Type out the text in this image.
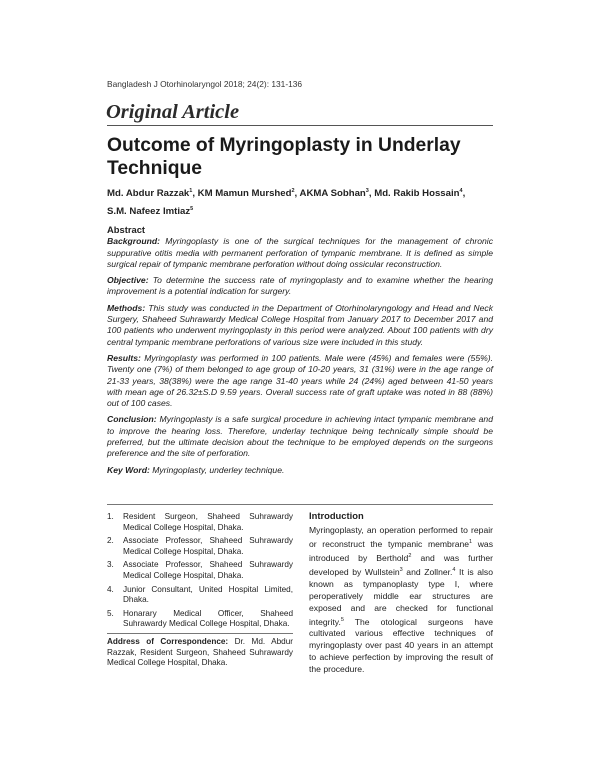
Bangladesh J Otorhinolaryngol 2018; 24(2): 131-136
Original Article
Outcome of Myringoplasty in Underlay Technique
Md. Abdur Razzak$^1$, KM Mamun Murshed$^2$, AKMA Sobhan$^3$, Md. Rakib Hossain$^4$,
S.M. Nafeez Imtiaz$^5$
Abstract

Background: Myringoplasty is one of the surgical techniques for the management of chronic suppurative otitis media with permanent perforation of tympanic membrane. It is defined as simple surgical repair of tympanic membrane perforation without doing ossicular reconstruction.

Objective: To determine the success rate of myringoplasty and to examine whether the hearing improvement is a potential indication for surgery.

Methods: This study was conducted in the Department of Otorhinolaryngology and Head and Neck Surgery, Shaheed Suhrawardy Medical College Hospital from January 2017 to December 2017 and 100 patients who underwent myringoplasty in this period were analyzed. About 100 patients with dry central tympanic membrane perforations of various size were included in this study.

Results: Myringoplasty was performed in 100 patients. Male were (45%) and females were (55%). Twenty one (7%) of them belonged to age group of 10-20 years, 31 (31%) were in the age range of 21-33 years, 38(38%) were the age range 31-40 years while 24 (24%) aged between 41-50 years with mean age of 26.32±S.D 9.59 years. Overall success rate of graft uptake was noted in 88 (88%) out of 100 cases.

Conclusion: Myringoplasty is a safe surgical procedure in achieving intact tympanic membrane and to improve the hearing loss. Therefore, underlay technique being technically simple should be preferred, but the ultimate decision about the technique to be employed depends on the surgeons preference and the site of perforation.

Key Word: Myringoplasty, underley technique.

1.	Resident Surgeon, Shaheed Suhrawardy Medical College Hospital, Dhaka.
2.	Associate Professor, Shaheed Suhrawardy Medical College Hospital, Dhaka.
3.	Associate Professor, Shaheed Suhrawardy Medical College Hospital, Dhaka.
4.	Junior Consultant, United Hospital Limited, Dhaka.
5.	Honarary Medical Officer, Shaheed Suhrawardy Medical College Hospital, Dhaka.
Address of Correspondence: Dr. Md. Abdur Razzak, Resident Surgeon, Shaheed Suhrawardy Medical College Hospital, Dhaka.
Introduction

Myringoplasty, an operation performed to repair or reconstruct the tympanic membrane$^1$ was introduced by Berthold$^2$ and was further developed by Wullstein$^3$ and Zollner.$^4$ It is also known as tympanoplasty type I, where peroperatively middle ear structures are exposed and are checked for functional integrity.$^5$ The otological surgeons have cultivated various effective techniques of myringoplasty over past 40 years in an attempt to achieve perfection by improving the result of the procedure.
